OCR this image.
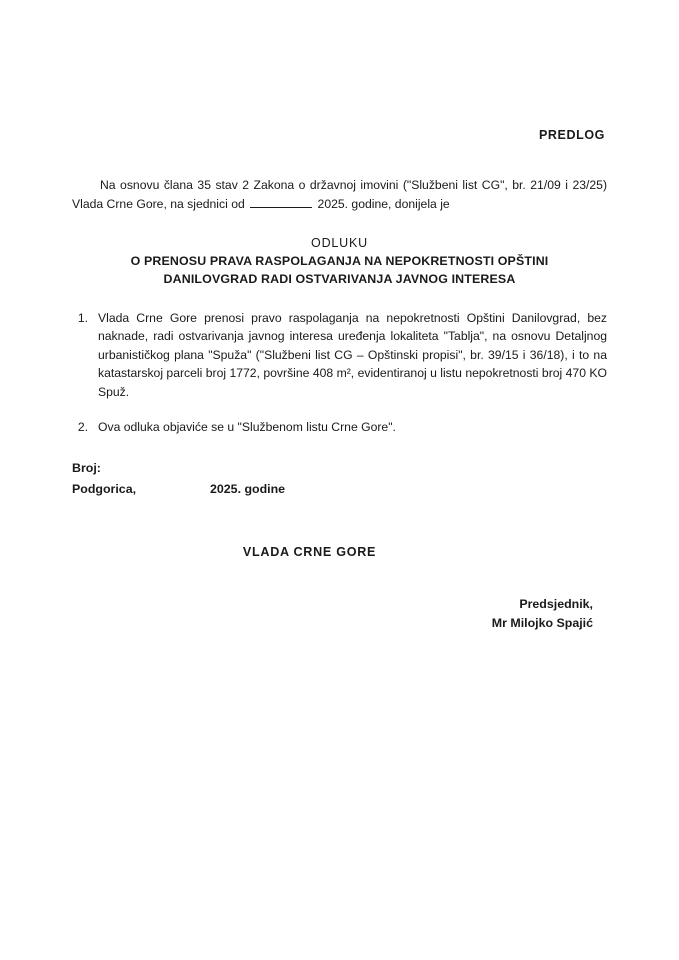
PREDLOG
Na osnovu člana 35 stav 2 Zakona o državnoj imovini ("Službeni list CG", br. 21/09 i 23/25) Vlada Crne Gore, na sjednici od	2025. godine, donijela je
ODLUKU
O PRENOSU PRAVA RASPOLAGANJA NA NEPOKRETNOSTI OPŠTINI
DANILOVGRAD RADI OSTVARIVANJA JAVNOG INTERESA
1. Vlada Crne Gore prenosi pravo raspolaganja na nepokretnosti Opštini Danilovgrad, bez naknade, radi ostvarivanja javnog interesa uređenja lokaliteta "Tablja", na osnovu Detaljnog urbanističkog plana "Spuža" ("Službeni list CG – Opštinski propisi", br. 39/15 i 36/18), i to na katastarskoj parceli broj 1772, površine 408 m², evidentiranoj u listu nepokretnosti broj 470 KO Spuž.
2. Ova odluka objaviće se u "Službenom listu Crne Gore".
Broj:
Podgorica,	2025. godine
VLADA CRNE GORE
Predsjednik,
Mr Milojko Spajić
